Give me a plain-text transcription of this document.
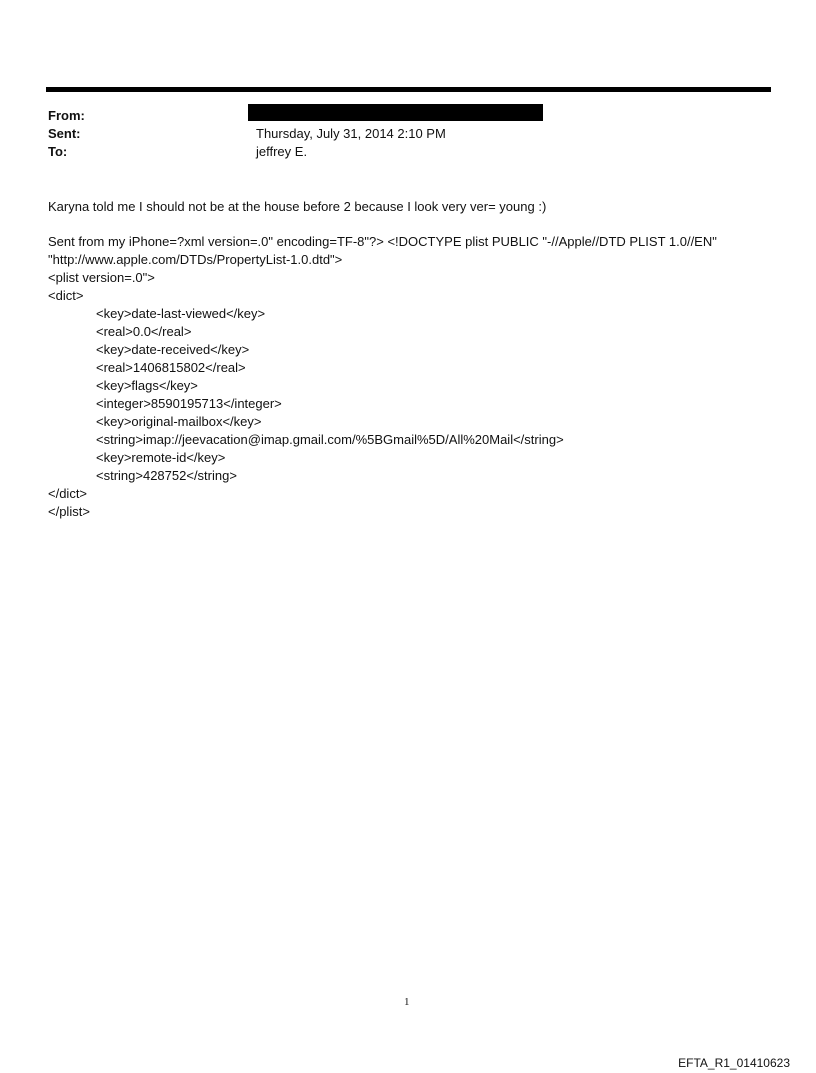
From:
Sent:	Thursday, July 31, 2014 2:10 PM
To:	jeffrey E.
Karyna told me I should not be at the house before 2 because I look very ver= young :)
Sent from my iPhone=?xml version=.0" encoding=TF-8"?> <!DOCTYPE plist PUBLIC "-//Apple//DTD PLIST 1.0//EN"
"http://www.apple.com/DTDs/PropertyList-1.0.dtd">
<plist version=.0">
<dict>
<key>date-last-viewed</key>
<real>0.0</real>
<key>date-received</key>
<real>1406815802</real>
<key>flags</key>
<integer>8590195713</integer>
<key>original-mailbox</key>
<string>imap://jeevacation@imap.gmail.com/%5BGmail%5D/All%20Mail</string>
<key>remote-id</key>
<string>428752</string>
</dict>
</plist>
1
EFTA_R1_01410623
